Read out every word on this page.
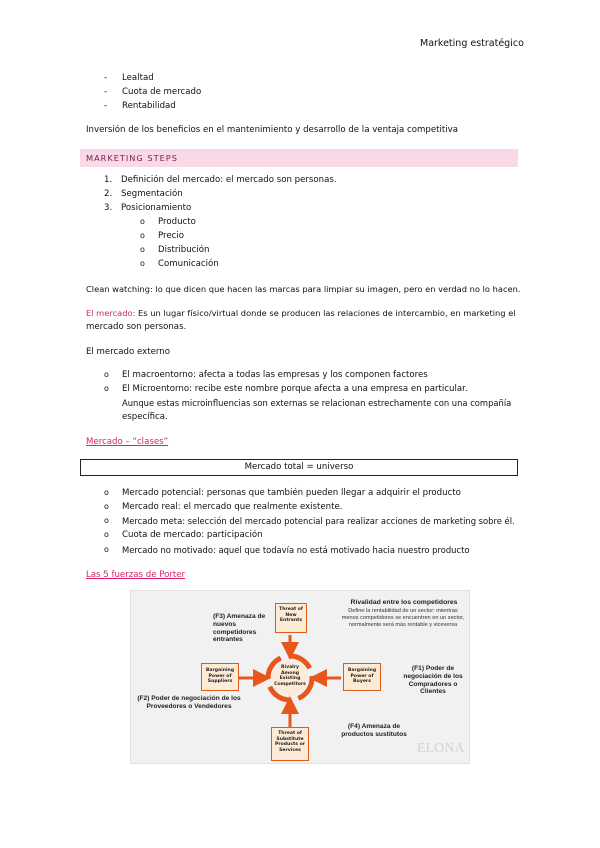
Marketing estratégico
- Lealtad
- Cuota de mercado
- Rentabilidad
Inversión de los beneficios en el mantenimiento y desarrollo de la ventaja competitiva
MARKETING STEPS
1. Definición del mercado: el mercado son personas.
2. Segmentación
3. Posicionamiento
o Producto
o Precio
o Distribución
o Comunicación
Clean watching: lo que dicen que hacen las marcas para limpiar su imagen, pero en verdad no lo hacen.
El mercado: Es un lugar físico/virtual donde se producen las relaciones de intercambio, en marketing el
mercado son personas.
El mercado externo
o El macroentorno: afecta a todas las empresas y los componen factores
o El Microentorno: recibe este nombre porque afecta a una empresa en particular.
Aunque estas microinfluencias son externas se relacionan estrechamente con una compañía
específica.
Mercado – “clases”
Mercado total = universo
o Mercado potencial: personas que también pueden llegar a adquirir el producto
o Mercado real: el mercado que realmente existente.
o Mercado meta: selección del mercado potencial para realizar acciones de marketing sobre él.
o Cuota de mercado: participación
o Mercado no motivado: aquel que todavía no está motivado hacia nuestro producto
Las 5 fuerzas de Porter
Rivalry Among Existing Competitors
Threat of New Entrants
Bargaining Power of Suppliers
Bargaining Power of Buyers
Threat of Substitute Products or Services
(F3) Amenaza de nuevos competidores entrantes
(F2) Poder de negociación de los Proveedores o Vendedores
(F1) Poder de negociación de los Compradores o Clientes
(F4) Amenaza de productos sustitutos
Rivalidad entre los competidores
Define la rentabilidad de un sector: mientras menos competidores se encuentren en un sector, normalmente será más rentable y viceversa
ELONA
